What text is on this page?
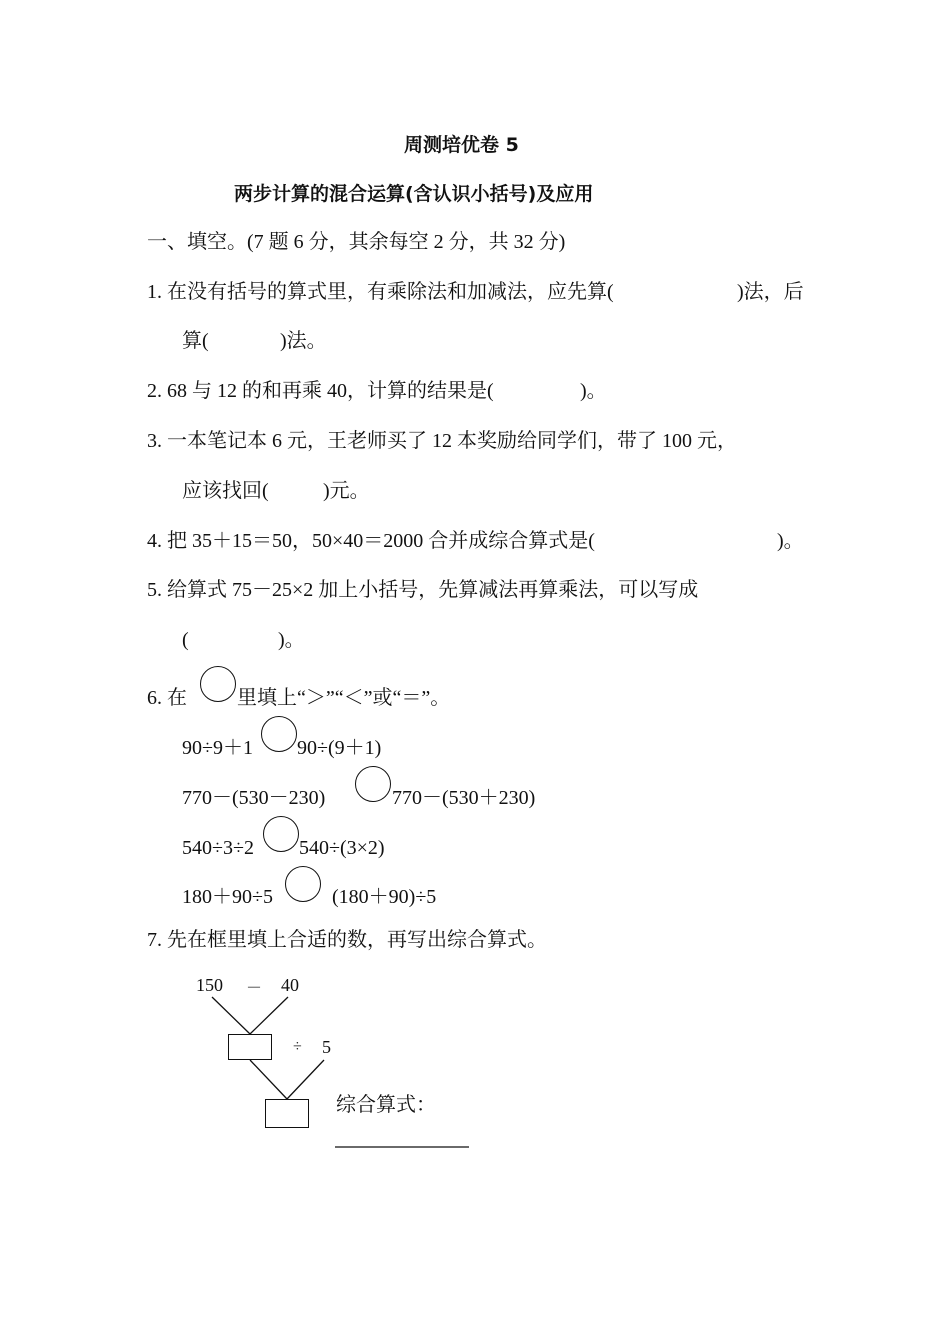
周测培优卷 5
两步计算的混合运算(含认识小括号)及应用
一、填空。(7 题 6 分，其余每空 2 分，共 32 分)
1. 在没有括号的算式里，有乘除法和加减法，应先算(	)法，后
算(	)法。
2. 68 与 12 的和再乘 40，计算的结果是(	)。
3. 一本笔记本 6 元，王老师买了 12 本奖励给同学们，带了 100 元，
应该找回(	)元。
4. 把 35＋15＝50，50×40＝2000 合并成综合算式是(	)。
5. 给算式 75－25×2 加上小括号，先算减法再算乘法，可以写成
(	)。
6. 在	里填上“＞”“＜”或“＝”。
90÷9＋1 90÷(9＋1)
770－(530－230)	770－(530＋230)
540÷3÷2 540÷(3×2)
180＋90÷5	(180＋90)÷5
7. 先在框里填上合适的数，再写出综合算式。
150 － 40
÷ 5
综合算式：
